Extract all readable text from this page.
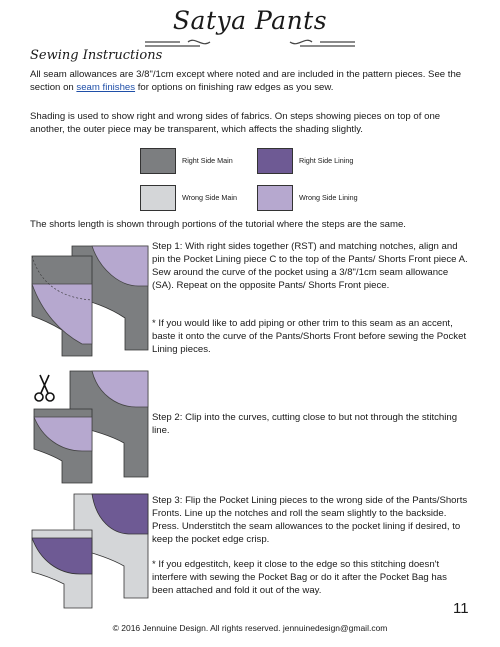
Satya Pants
Sewing Instructions
All seam allowances are 3/8"/1cm except where noted and are included in the pattern pieces. See the section on seam finishes for options on finishing raw edges as you sew.
Shading is used to show right and wrong sides of fabrics. On steps showing pieces on top of one another, the outer piece may be transparent, which affects the shading slightly.
Right Side Main	Right Side Lining
Wrong Side Main	Wrong Side Lining
The shorts length is shown through portions of the tutorial where the steps are the same.
Step 1: With right sides together (RST) and matching notches, align and pin the Pocket Lining piece C to the top of the Pants/ Shorts Front piece A. Sew around the curve of the pocket using a 3/8"/1cm seam allowance (SA). Repeat on the opposite Pants/ Shorts Front piece.
* If you would like to add piping or other trim to this seam as an accent, baste it onto the curve of the Pants/Shorts Front before sewing the Pocket Lining pieces.
Step 2: Clip into the curves, cutting close to but not through the stitching line.
Step 3: Flip the Pocket Lining pieces to the wrong side of the Pants/Shorts Fronts. Line up the notches and roll the seam slightly to the backside. Press. Understitch the seam allowances to the pocket lining if desired, to keep the pocket edge crisp.
* If you edgestitch, keep it close to the edge so this stitching doesn't interfere with sewing the Pocket Bag or do it after the Pocket Bag has been attached and fold it out of the way.
11
© 2016 Jennuine Design. All rights reserved. jennuinedesign@gmail.com
